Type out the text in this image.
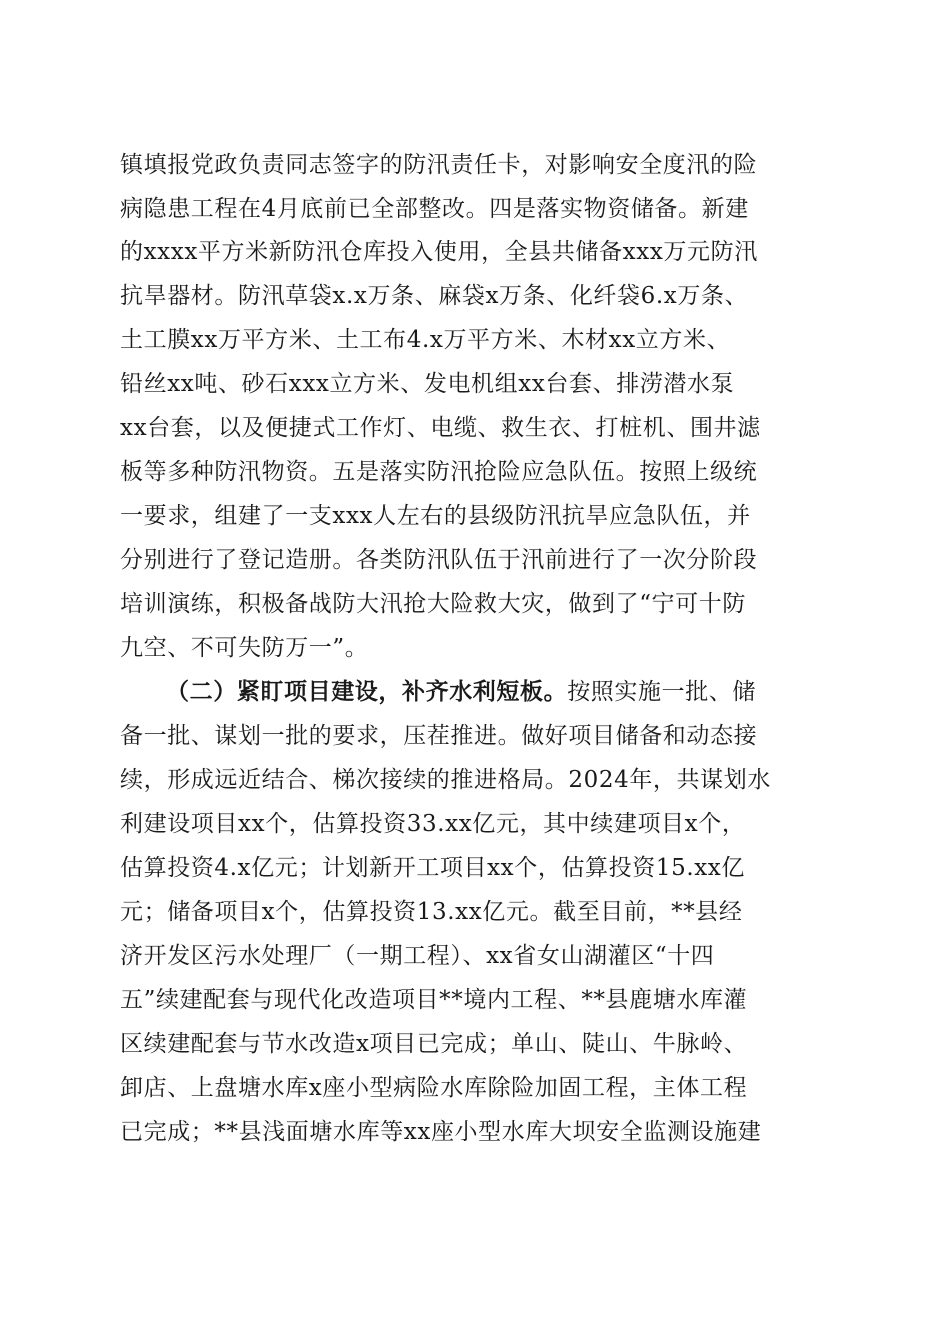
镇填报党政负责同志签字的防汛责任卡，对影响安全度汛的险
病隐患工程在4月底前已全部整改。四是落实物资储备。新建
的xxxx平方米新防汛仓库投入使用，全县共储备xxx万元防汛
抗旱器材。防汛草袋x.x万条、麻袋x万条、化纤袋6.x万条、
土工膜xx万平方米、土工布4.x万平方米、木材xx立方米、
铅丝xx吨、砂石xxx立方米、发电机组xx台套、排涝潜水泵
xx台套，以及便捷式工作灯、电缆、救生衣、打桩机、围井滤
板等多种防汛物资。五是落实防汛抢险应急队伍。按照上级统
一要求，组建了一支xxx人左右的县级防汛抗旱应急队伍，并
分别进行了登记造册。各类防汛队伍于汛前进行了一次分阶段
培训演练，积极备战防大汛抢大险救大灾，做到了“宁可十防
九空、不可失防万一”。
（二）紧盯项目建设，补齐水利短板。按照实施一批、储
备一批、谋划一批的要求，压茬推进。做好项目储备和动态接
续，形成远近结合、梯次接续的推进格局。2024年，共谋划水
利建设项目xx个，估算投资33.xx亿元，其中续建项目x个，
估算投资4.x亿元；计划新开工项目xx个，估算投资15.xx亿
元；储备项目x个，估算投资13.xx亿元。截至目前，**县经
济开发区污水处理厂（一期工程）、xx省女山湖灌区“十四
五”续建配套与现代化改造项目**境内工程、**县鹿塘水库灌
区续建配套与节水改造x项目已完成；单山、陡山、牛脉岭、
卸店、上盘塘水库x座小型病险水库除险加固工程，主体工程
已完成；**县浅面塘水库等xx座小型水库大坝安全监测设施建
